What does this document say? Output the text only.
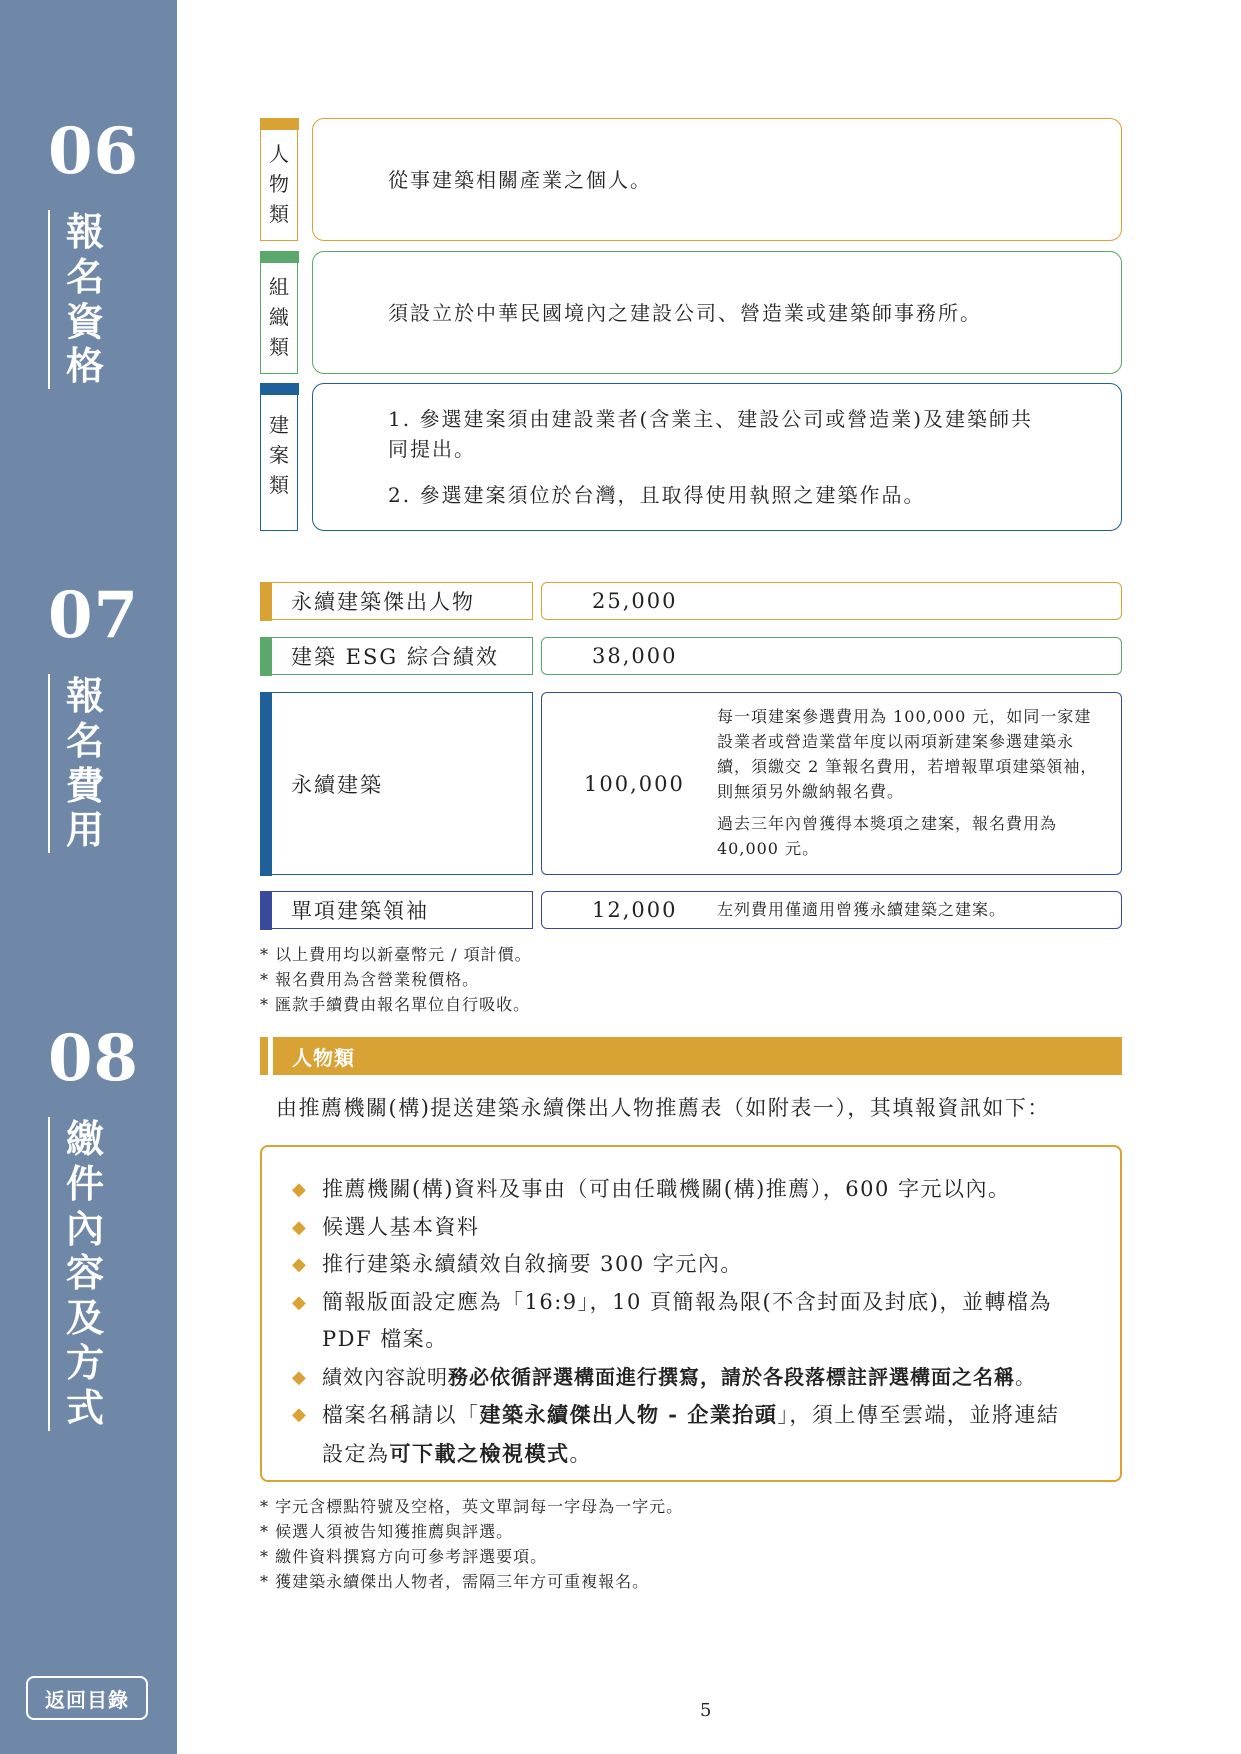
06
報
名
資
格
07
報
名
費
用
08
繳
件
內
容
及
方
式
返回目錄
人
物
類

從事建築相關產業之個人。

組
織
類

須設立於中華民國境內之建設公司、營造業或建築師事務所。

建
案
類

1. 參選建案須由建設業者(含業主、建設公司或營造業)及建築師共同提出。

2. 參選建案須位於台灣，且取得使用執照之建築作品。

永續建築傑出人物	25,000
建築 ESG 綜合績效	38,000
永續建築	100,000

每一項建案參選費用為 100,000 元，如同一家建設業者或營造業當年度以兩項新建案參選建築永續，須繳交 2 筆報名費用，若增報單項建築領袖，則無須另外繳納報名費。

過去三年內曾獲得本獎項之建案，報名費用為 40,000 元。

單項建築領袖	12,000	左列費用僅適用曾獲永續建築之建案。

* 以上費用均以新臺幣元 / 項計價。

* 報名費用為含營業稅價格。

* 匯款手續費由報名單位自行吸收。

人物類
由推薦機關(構)提送建築永續傑出人物推薦表（如附表一），其填報資訊如下：
◆ 推薦機關(構)資料及事由（可由任職機關(構)推薦），600 字元以內。
◆ 候選人基本資料
◆ 推行建築永續績效自敘摘要 300 字元內。
◆ 簡報版面設定應為「16:9」，10 頁簡報為限(不含封面及封底)，並轉檔為 PDF 檔案。
◆ 績效內容說明務必依循評選構面進行撰寫，請於各段落標註評選構面之名稱。
◆ 檔案名稱請以「建築永續傑出人物 - 企業抬頭」，須上傳至雲端，並將連結設定為可下載之檢視模式。

* 字元含標點符號及空格，英文單詞每一字母為一字元。

* 候選人須被告知獲推薦與評選。

* 繳件資料撰寫方向可參考評選要項。

* 獲建築永續傑出人物者，需隔三年方可重複報名。

5
